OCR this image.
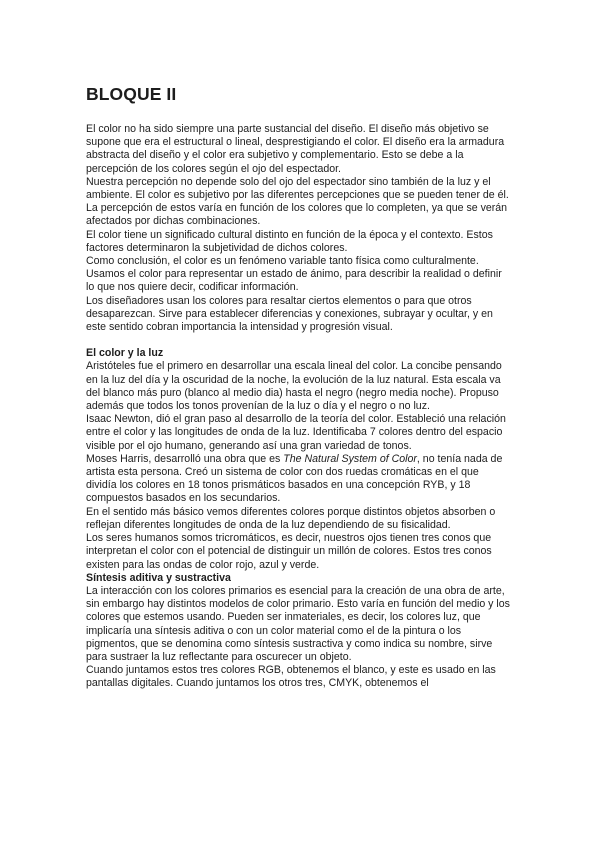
BLOQUE II

El color no ha sido siempre una parte sustancial del diseño. El diseño más objetivo se supone que era el estructural o lineal, desprestigiando el color. El diseño era la armadura abstracta del diseño y el color era subjetivo y complementario. Esto se debe a la percepción de los colores según el ojo del espectador.

Nuestra percepción no depende solo del ojo del espectador sino también de la luz y el ambiente. El color es subjetivo por las diferentes percepciones que se pueden tener de él. La percepción de estos varía en función de los colores que lo completen, ya que se verán afectados por dichas combinaciones.

El color tiene un significado cultural distinto en función de la época y el contexto. Estos factores determinaron la subjetividad de dichos colores.

Como conclusión, el color es un fenómeno variable tanto física como culturalmente.

Usamos el color para representar un estado de ánimo, para describir la realidad o definir lo que nos quiere decir, codificar información.

Los diseñadores usan los colores para resaltar ciertos elementos o para que otros desaparezcan. Sirve para establecer diferencias y conexiones, subrayar y ocultar, y en este sentido cobran importancia la intensidad y progresión visual.

El color y la luz

Aristóteles fue el primero en desarrollar una escala lineal del color. La concibe pensando en la luz del día y la oscuridad de la noche, la evolución de la luz natural. Esta escala va del blanco más puro (blanco al medio dia) hasta el negro (negro media noche). Propuso además que todos los tonos provenían de la luz o día y el negro o no luz.

Isaac Newton, dió el gran paso al desarrollo de la teoría del color. Estableció una relación entre el color y las longitudes de onda de la luz. Identificaba 7 colores dentro del espacio visible por el ojo humano, generando así una gran variedad de tonos.

Moses Harris, desarrolló una obra que es The Natural System of Color, no tenía nada de artista esta persona. Creó un sistema de color con dos ruedas cromáticas en el que dividía los colores en 18 tonos prismáticos basados en una concepción RYB, y 18 compuestos basados en los secundarios.

En el sentido más básico vemos diferentes colores porque distintos objetos absorben o reflejan diferentes longitudes de onda de la luz dependiendo de su fisicalidad.

Los seres humanos somos tricromáticos, es decir, nuestros ojos tienen tres conos que interpretan el color con el potencial de distinguir un millón de colores. Estos tres conos existen para las ondas de color rojo, azul y verde.

Síntesis aditiva y sustractiva

La interacción con los colores primarios es esencial para la creación de una obra de arte, sin embargo hay distintos modelos de color primario. Esto varía en función del medio y los colores que estemos usando. Pueden ser inmateriales, es decir, los colores luz, que implicaría una síntesis aditiva o con un color material como el de la pintura o los pigmentos, que se denomina como síntesis sustractiva y como indica su nombre, sirve para sustraer la luz reflectante para oscurecer un objeto.

Cuando juntamos estos tres colores RGB, obtenemos el blanco, y este es usado en las pantallas digitales. Cuando juntamos los otros tres, CMYK, obtenemos el
